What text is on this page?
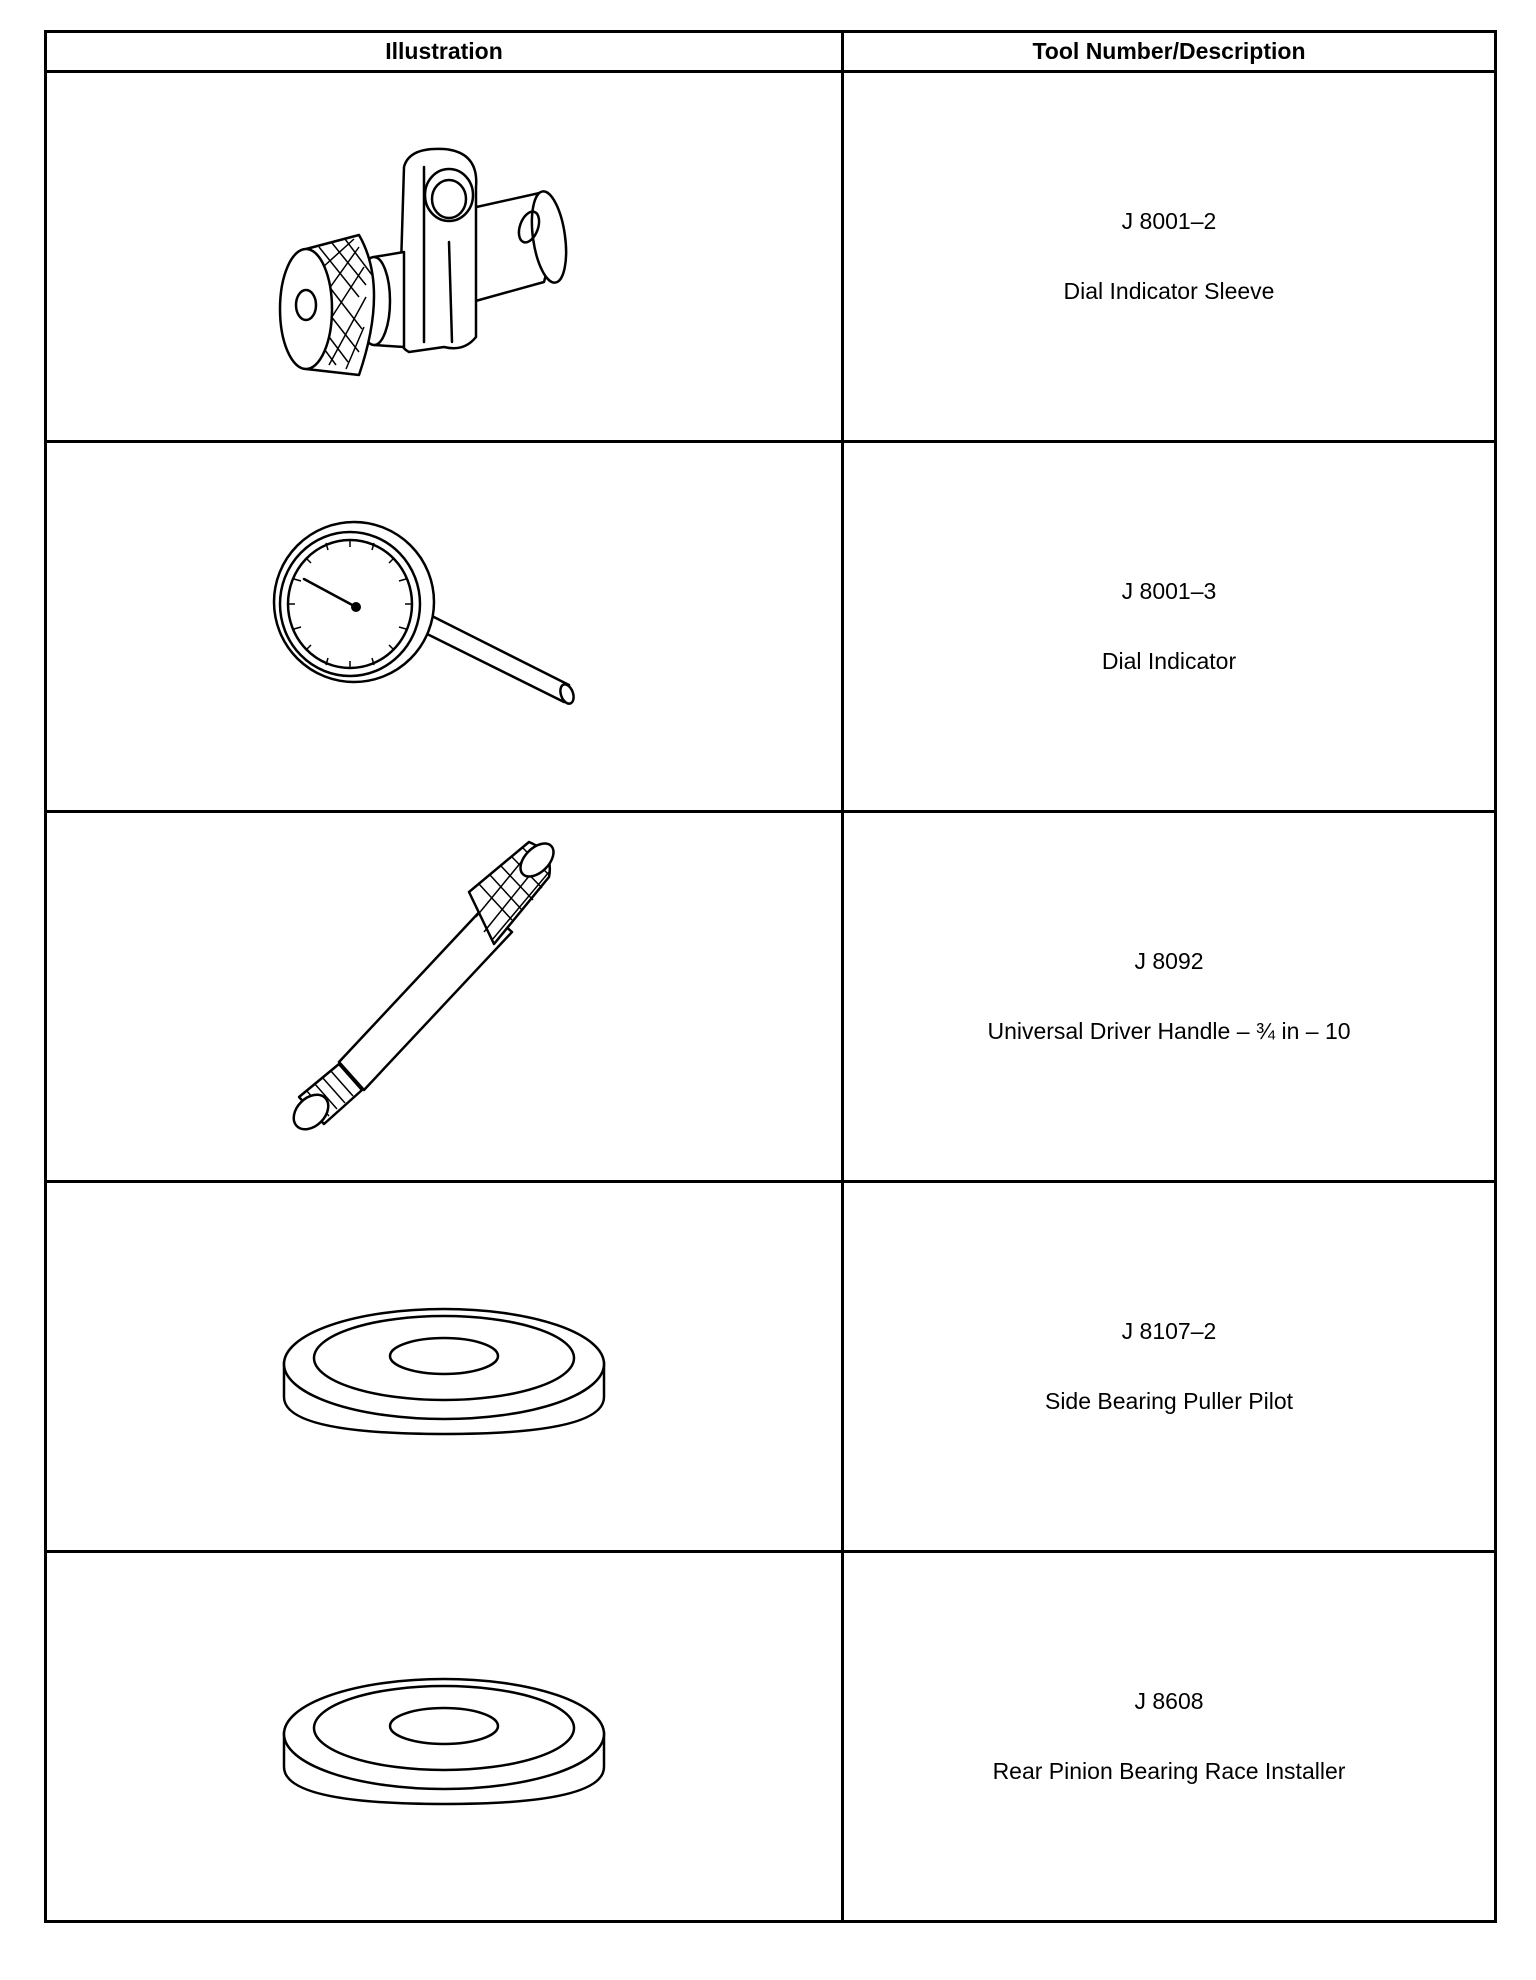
Illustration	Tool Number/Description

J 8001–2
Dial Indicator Sleeve

J 8001–3
Dial Indicator

J 8092
Universal Driver Handle – ¾ in – 10

J 8107–2
Side Bearing Puller Pilot

J 8608
Rear Pinion Bearing Race Installer
